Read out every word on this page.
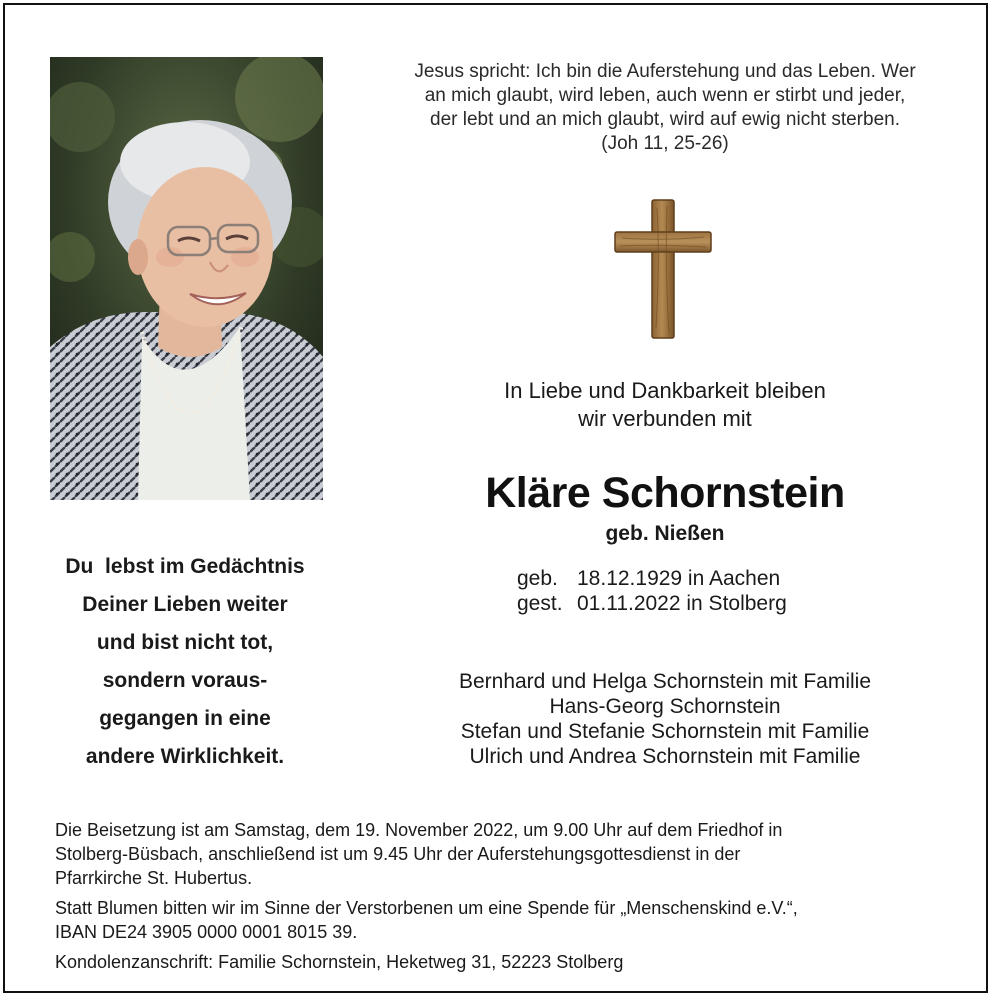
Jesus spricht: Ich bin die Auferstehung und das Leben. Wer
an mich glaubt, wird leben, auch wenn er stirbt und jeder,
der lebt und an mich glaubt, wird auf ewig nicht sterben.
(Joh 11, 25-26)
In Liebe und Dankbarkeit bleiben
wir verbunden mit
Kläre Schornstein
geb. Nießen
geb. 18.12.1929 in Aachen
gest. 01.11.2022 in Stolberg
Bernhard und Helga Schornstein mit Familie
Hans-Georg Schornstein
Stefan und Stefanie Schornstein mit Familie
Ulrich und Andrea Schornstein mit Familie
Du  lebst im Gedächtnis
Deiner Lieben weiter
und bist nicht tot,
sondern voraus-
gegangen in eine
andere Wirklichkeit.

Die Beisetzung ist am Samstag, dem 19. November 2022, um 9.00 Uhr auf dem Friedhof in
Stolberg-Büsbach, anschließend ist um 9.45 Uhr der Auferstehungsgottesdienst in der
Pfarrkirche St. Hubertus.

Statt Blumen bitten wir im Sinne der Verstorbenen um eine Spende für „Menschenskind e.V.“,
IBAN DE24 3905 0000 0001 8015 39.

Kondolenzanschrift: Familie Schornstein, Heketweg 31, 52223 Stolberg
